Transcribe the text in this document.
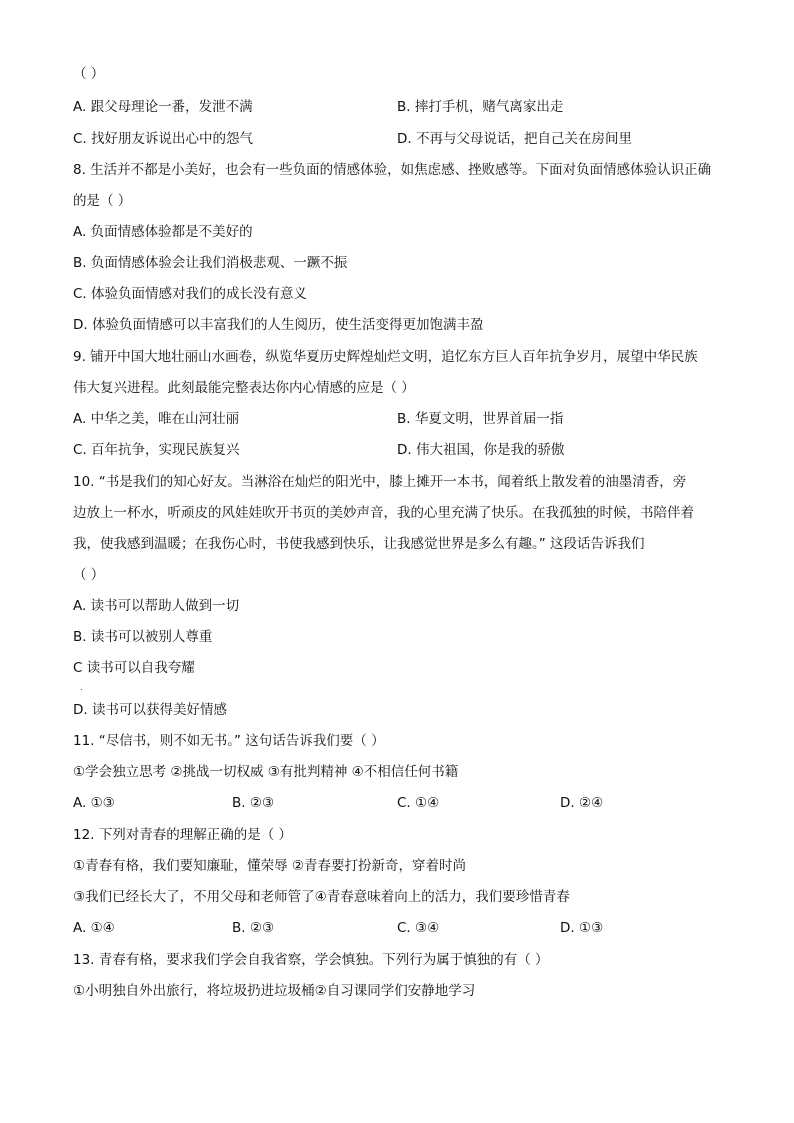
（ ）
A. 跟父母理论一番，发泄不满	B. 摔打手机，赌气离家出走
C. 找好朋友诉说出心中的怨气	D. 不再与父母说话，把自己关在房间里
8. 生活并不都是小美好，也会有一些负面的情感体验，如焦虑感、挫败感等。下面对负面情感体验认识正确
的是（ ）
A. 负面情感体验都是不美好的
B. 负面情感体验会让我们消极悲观、一蹶不振
C. 体验负面情感对我们的成长没有意义
D. 体验负面情感可以丰富我们的人生阅历，使生活变得更加饱满丰盈
9. 铺开中国大地壮丽山水画卷，纵览华夏历史辉煌灿烂文明，追忆东方巨人百年抗争岁月，展望中华民族
伟大复兴进程。此刻最能完整表达你内心情感的应是（ ）
A. 中华之美，唯在山河壮丽	B. 华夏文明，世界首届一指
C. 百年抗争，实现民族复兴	D. 伟大祖国，你是我的骄傲
10. “书是我们的知心好友。当淋浴在灿烂的阳光中，膝上摊开一本书，闻着纸上散发着的油墨清香，旁
边放上一杯水，听顽皮的风娃娃吹开书页的美妙声音，我的心里充满了快乐。在我孤独的时候，书陪伴着
我，使我感到温暖；在我伤心时，书使我感到快乐，让我感觉世界是多么有趣。” 这段话告诉我们
（ ）
A. 读书可以帮助人做到一切
B. 读书可以被别人尊重
C 读书可以自我夸耀
.
D. 读书可以获得美好情感
11. “尽信书，则不如无书。” 这句话告诉我们要（ ）
①学会独立思考 ②挑战一切权威 ③有批判精神 ④不相信任何书籍
A. ①③	B. ②③	C. ①④	D. ②④
12. 下列对青春的理解正确的是（ ）
①青春有格，我们要知廉耻，懂荣辱 ②青春要打扮新奇，穿着时尚
③我们已经长大了，不用父母和老师管了④青春意味着向上的活力，我们要珍惜青春
A. ①④	B. ②③	C. ③④	D. ①③
13. 青春有格，要求我们学会自我省察，学会慎独。下列行为属于慎独的有（ ）
①小明独自外出旅行，将垃圾扔进垃圾桶②自习课同学们安静地学习
